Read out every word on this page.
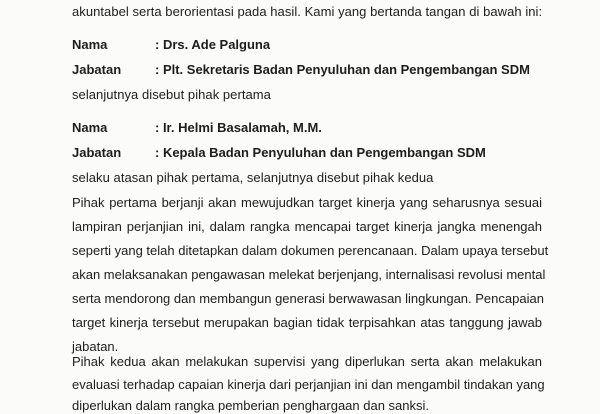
akuntabel serta berorientasi pada hasil. Kami yang bertanda tangan di bawah ini:
Nama	: Drs. Ade Palguna
Jabatan	: Plt. Sekretaris Badan Penyuluhan dan Pengembangan SDM
selanjutnya disebut pihak pertama
Nama	: Ir. Helmi Basalamah, M.M.
Jabatan	: Kepala Badan Penyuluhan dan Pengembangan SDM
selaku atasan pihak pertama, selanjutnya disebut pihak kedua
Pihak pertama berjanji akan mewujudkan target kinerja yang seharusnya sesuai
lampiran perjanjian ini, dalam rangka mencapai target kinerja jangka menengah
seperti yang telah ditetapkan dalam dokumen perencanaan. Dalam upaya tersebut
akan melaksanakan pengawasan melekat berjenjang, internalisasi revolusi mental
serta mendorong dan membangun generasi berwawasan lingkungan. Pencapaian
target kinerja tersebut merupakan bagian tidak terpisahkan atas tanggung jawab
jabatan.
Pihak kedua akan melakukan supervisi yang diperlukan serta akan melakukan
evaluasi terhadap capaian kinerja dari perjanjian ini dan mengambil tindakan yang
diperlukan dalam rangka pemberian penghargaan dan sanksi.
